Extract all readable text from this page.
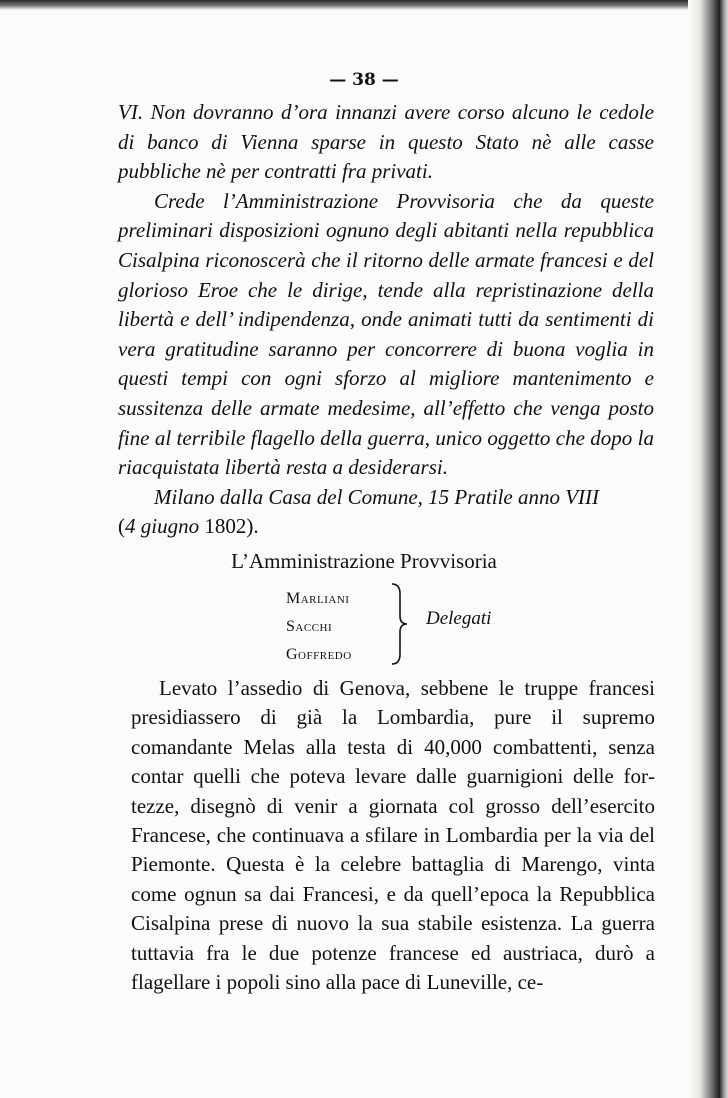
— 38 —

VI. Non dovranno d’ora innanzi avere corso alcuno le cedole di banco di Vienna sparse in questo Stato nè alle casse pubbliche nè per contratti fra privati.

Crede l’Amministrazione Provvisoria che da queste preliminari disposizioni ognuno degli abitanti nella repubblica Cisalpina riconoscerà che il ritorno delle armate francesi e del glorioso Eroe che le dirige, tende alla repristinazione della libertà e dell’ indipendenza, onde animati tutti da sentimenti di vera gratitudine saranno per concorrere di buona voglia in questi tempi con ogni sforzo al migliore mantenimento e sussitenza delle armate medesime, all’effetto che venga posto fine al terribile flagello della guerra, unico oggetto che dopo la riacquistata libertà resta a desiderarsi.

Milano dalla Casa del Comune, 15 Pratile anno VIII

(4 giugno 1802).

L’Amministrazione Provvisoria
Marliani
Sacchi
Goffredo
Delegati

Levato l’assedio di Genova, sebbene le truppe francesi presidiassero di già la Lombardia, pure il supremo comandante Melas alla testa di 40,000 combattenti, senza contar quelli che poteva levare dalle guarnigioni delle fortezze, disegnò di venir a giornata col grosso dell’esercito Francese, che continuava a sfilare in Lombardia per la via del Piemonte. Questa è la celebre battaglia di Marengo, vinta come ognun sa dai Francesi, e da quell’epoca la Repubblica Cisalpina prese di nuovo la sua stabile esistenza. La guerra tuttavia fra le due potenze francese ed austriaca, durò a flagellare i popoli sino alla pace di Luneville, ce-
